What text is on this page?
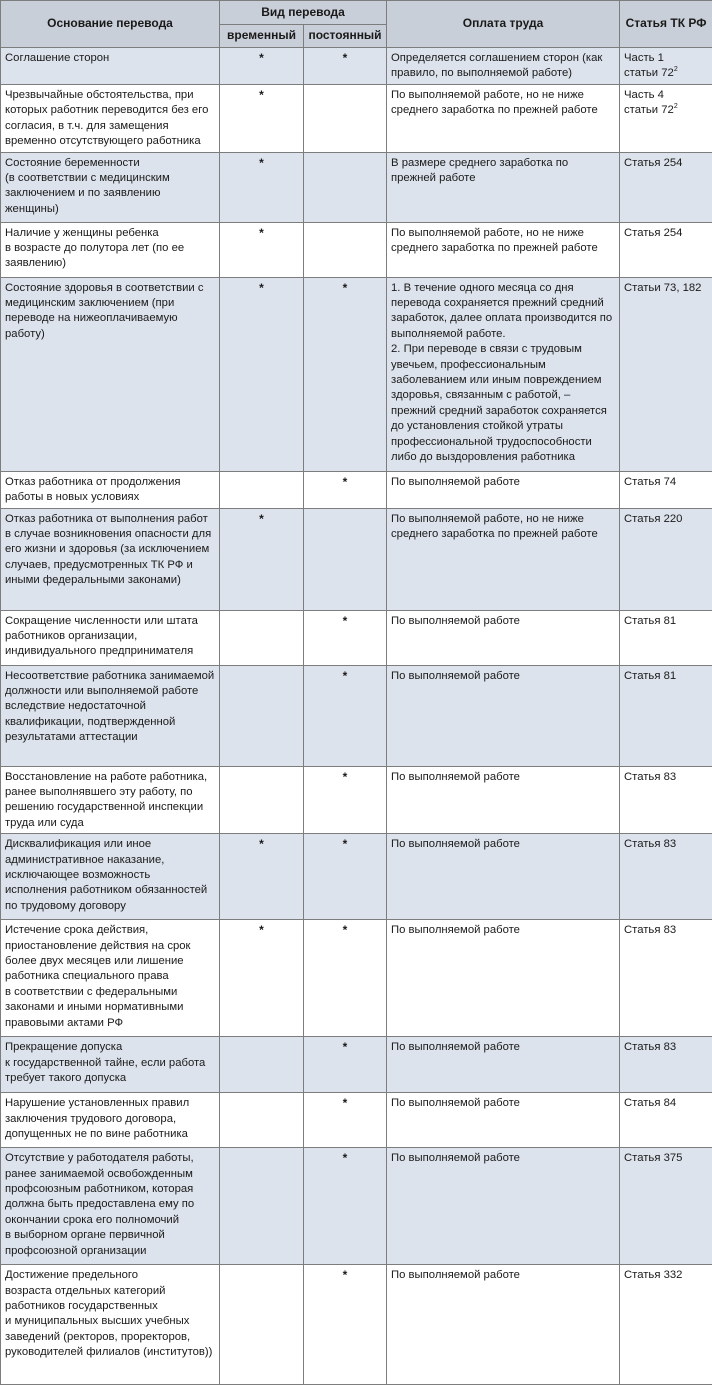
Основание перевода	Вид перевода		Оплата труда	Статья ТК РФ
	временный	постоянный		
Соглашение сторон	*	*	Определяется соглашением сторон (как правило, по выполняемой работе)	Часть 1
статьи $72^2$
Чрезвычайные обстоятельства, при которых работник переводится без его согласия, в т.ч. для замещения временно отсутствующего работника	*		По выполняемой работе, но не ниже среднего заработка по прежней работе	Часть 4
статьи $72^2$
Состояние беременности
(в соответствии с медицинским заключением и по заявлению женщины)	*		В размере среднего заработка по прежней работе	Статья 254
Наличие у женщины ребенка
в возрасте до полутора лет (по ее заявлению)	*		По выполняемой работе, но не ниже среднего заработка по прежней работе	Статья 254
Состояние здоровья в соответствии с медицинским заключением (при переводе на нижеоплачиваемую работу)	*	*	1. В течение одного месяца со дня перевода сохраняется прежний средний заработок, далее оплата производится по выполняемой работе.
2. При переводе в связи с трудовым увечьем, профессиональным заболеванием или иным повреждением здоровья, связанным с работой, – прежний средний заработок сохраняется до установления стойкой утраты профессиональной трудоспособности либо до выздоровления работника	Статьи 73, 182
Отказ работника от продолжения работы в новых условиях		*	По выполняемой работе	Статья 74
Отказ работника от выполнения работ в случае возникновения опасности для его жизни и здоровья (за исключением случаев, предусмотренных ТК РФ и иными федеральными законами)	*		По выполняемой работе, но не ниже среднего заработка по прежней работе	Статья 220
Сокращение численности или штата работников организации, индивидуального предпринимателя		*	По выполняемой работе	Статья 81
Несоответствие работника занимаемой должности или выполняемой работе вследствие недостаточной квалификации, подтвержденной результатами аттестации		*	По выполняемой работе	Статья 81
Восстановление на работе работника, ранее выполнявшего эту работу, по решению государственной инспекции труда или суда		*	По выполняемой работе	Статья 83
Дисквалификация или иное административное наказание, исключающее возможность исполнения работником обязанностей по трудовому договору	*	*	По выполняемой работе	Статья 83
Истечение срока действия, приостановление действия на срок более двух месяцев или лишение работника специального права
в соответствии с федеральными законами и иными нормативными правовыми актами РФ	*	*	По выполняемой работе	Статья 83
Прекращение допуска
к государственной тайне, если работа требует такого допуска		*	По выполняемой работе	Статья 83
Нарушение установленных правил заключения трудового договора, допущенных не по вине работника		*	По выполняемой работе	Статья 84
Отсутствие у работодателя работы, ранее занимаемой освобожденным профсоюзным работником, которая должна быть предоставлена ему по окончании срока его полномочий
в выборном органе первичной профсоюзной организации		*	По выполняемой работе	Статья 375
Достижение предельного
возраста отдельных категорий работников государственных
и муниципальных высших учебных заведений (ректоров, проректоров, руководителей филиалов (институтов))		*	По выполняемой работе	Статья 332
